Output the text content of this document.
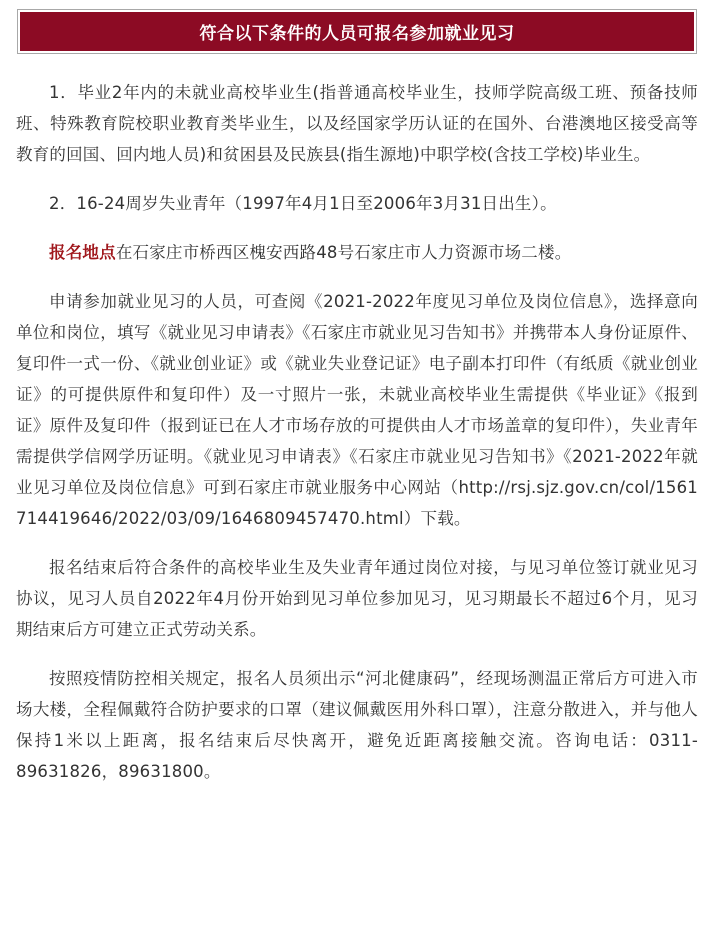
符合以下条件的人员可报名参加就业见习

1．毕业2年内的未就业高校毕业生(指普通高校毕业生，技师学院高级工班、预备技师班、特殊教育院校职业教育类毕业生，以及经国家学历认证的在国外、台港澳地区接受高等教育的回国、回内地人员)和贫困县及民族县(指生源地)中职学校(含技工学校)毕业生。

2．16-24周岁失业青年（1997年4月1日至2006年3月31日出生）。

报名地点在石家庄市桥西区槐安西路48号石家庄市人力资源市场二楼。

申请参加就业见习的人员，可查阅《2021-2022年度见习单位及岗位信息》，选择意向单位和岗位，填写《就业见习申请表》《石家庄市就业见习告知书》并携带本人身份证原件、复印件一式一份、《就业创业证》或《就业失业登记证》电子副本打印件（有纸质《就业创业证》的可提供原件和复印件）及一寸照片一张，未就业高校毕业生需提供《毕业证》《报到证》原件及复印件（报到证已在人才市场存放的可提供由人才市场盖章的复印件），失业青年需提供学信网学历证明。《就业见习申请表》《石家庄市就业见习告知书》《2021-2022年就业见习单位及岗位信息》可到石家庄市就业服务中心网站（http://rsj.sjz.gov.cn/col/1561714419646/2022/03/09/1646809457470.html）下载。

报名结束后符合条件的高校毕业生及失业青年通过岗位对接，与见习单位签订就业见习协议，见习人员自2022年4月份开始到见习单位参加见习，见习期最长不超过6个月，见习期结束后方可建立正式劳动关系。

按照疫情防控相关规定，报名人员须出示“河北健康码”，经现场测温正常后方可进入市场大楼，全程佩戴符合防护要求的口罩（建议佩戴医用外科口罩），注意分散进入，并与他人保持1米以上距离，报名结束后尽快离开，避免近距离接触交流。咨询电话：0311-89631826，89631800。
